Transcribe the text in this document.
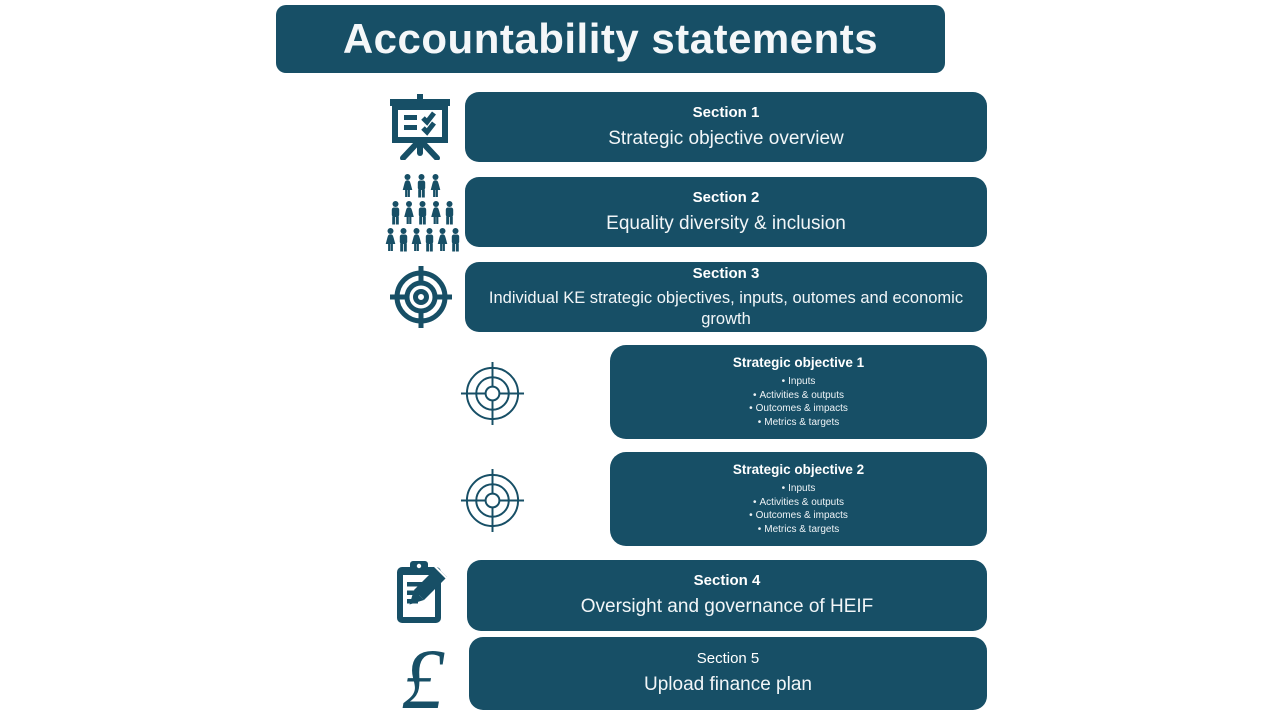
Accountability statements
Section 1
Strategic objective overview
Section 2
Equality diversity & inclusion
Section 3
Individual KE strategic objectives, inputs, outomes and economic growth
Strategic objective 1
• Inputs
• Activities & outputs
• Outcomes & impacts
• Metrics & targets
Strategic objective 2
• Inputs
• Activities & outputs
• Outcomes & impacts
• Metrics & targets
Section 4
Oversight and governance of HEIF
£	Section 5
Upload finance plan
